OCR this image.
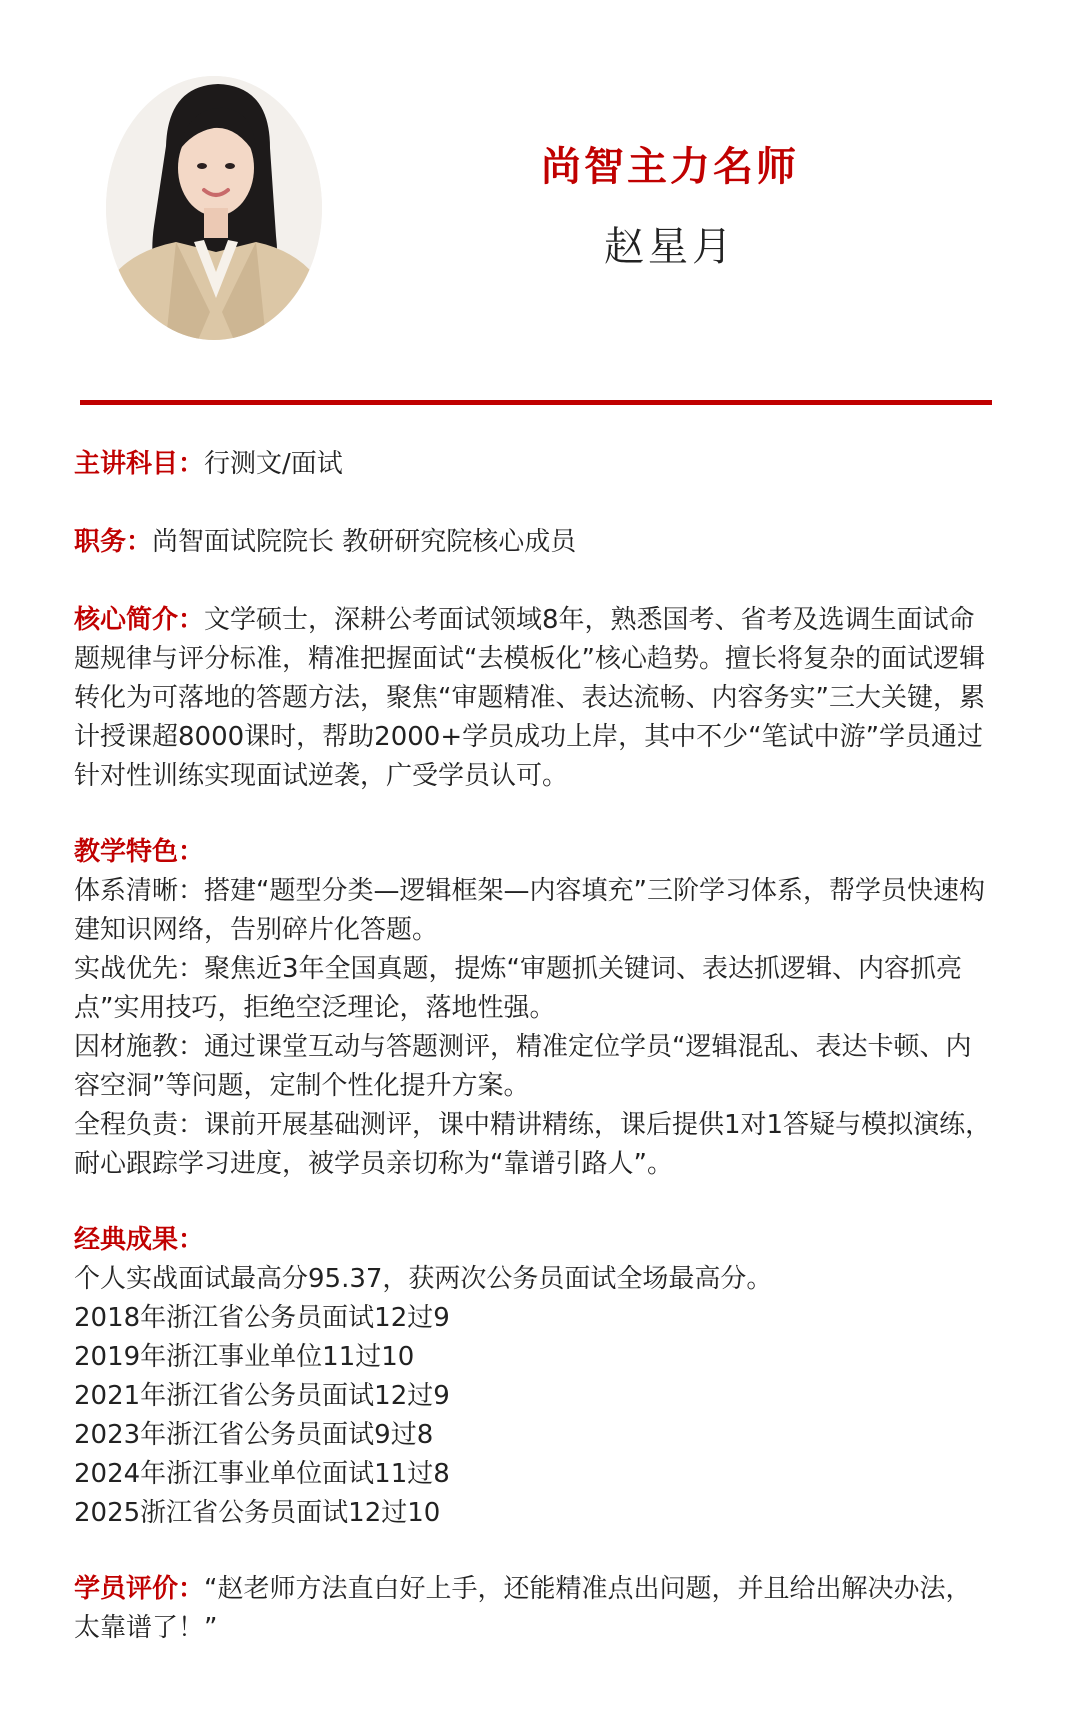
尚智主力名师
赵星月

主讲科目：行测文/面试

职务：尚智面试院院长 教研研究院核心成员

核心简介：文学硕士，深耕公考面试领域8年，熟悉国考、省考及选调生面试命题规律与评分标准，精准把握面试“去模板化”核心趋势。擅长将复杂的面试逻辑转化为可落地的答题方法，聚焦“审题精准、表达流畅、内容务实”三大关键，累计授课超8000课时，帮助2000+学员成功上岸，其中不少“笔试中游”学员通过针对性训练实现面试逆袭，广受学员认可。

教学特色：

体系清晰：搭建“题型分类—逻辑框架—内容填充”三阶学习体系，帮学员快速构建知识网络，告别碎片化答题。

实战优先：聚焦近3年全国真题，提炼“审题抓关键词、表达抓逻辑、内容抓亮点”实用技巧，拒绝空泛理论，落地性强。

因材施教：通过课堂互动与答题测评，精准定位学员“逻辑混乱、表达卡顿、内容空洞”等问题，定制个性化提升方案。

全程负责：课前开展基础测评，课中精讲精练，课后提供1对1答疑与模拟演练，耐心跟踪学习进度，被学员亲切称为“靠谱引路人”。

经典成果：

个人实战面试最高分95.37，获两次公务员面试全场最高分。

2018年浙江省公务员面试12过9

2019年浙江事业单位11过10

2021年浙江省公务员面试12过9

2023年浙江省公务员面试9过8

2024年浙江事业单位面试11过8

2025浙江省公务员面试12过10

学员评价：“赵老师方法直白好上手，还能精准点出问题，并且给出解决办法，太靠谱了！”
